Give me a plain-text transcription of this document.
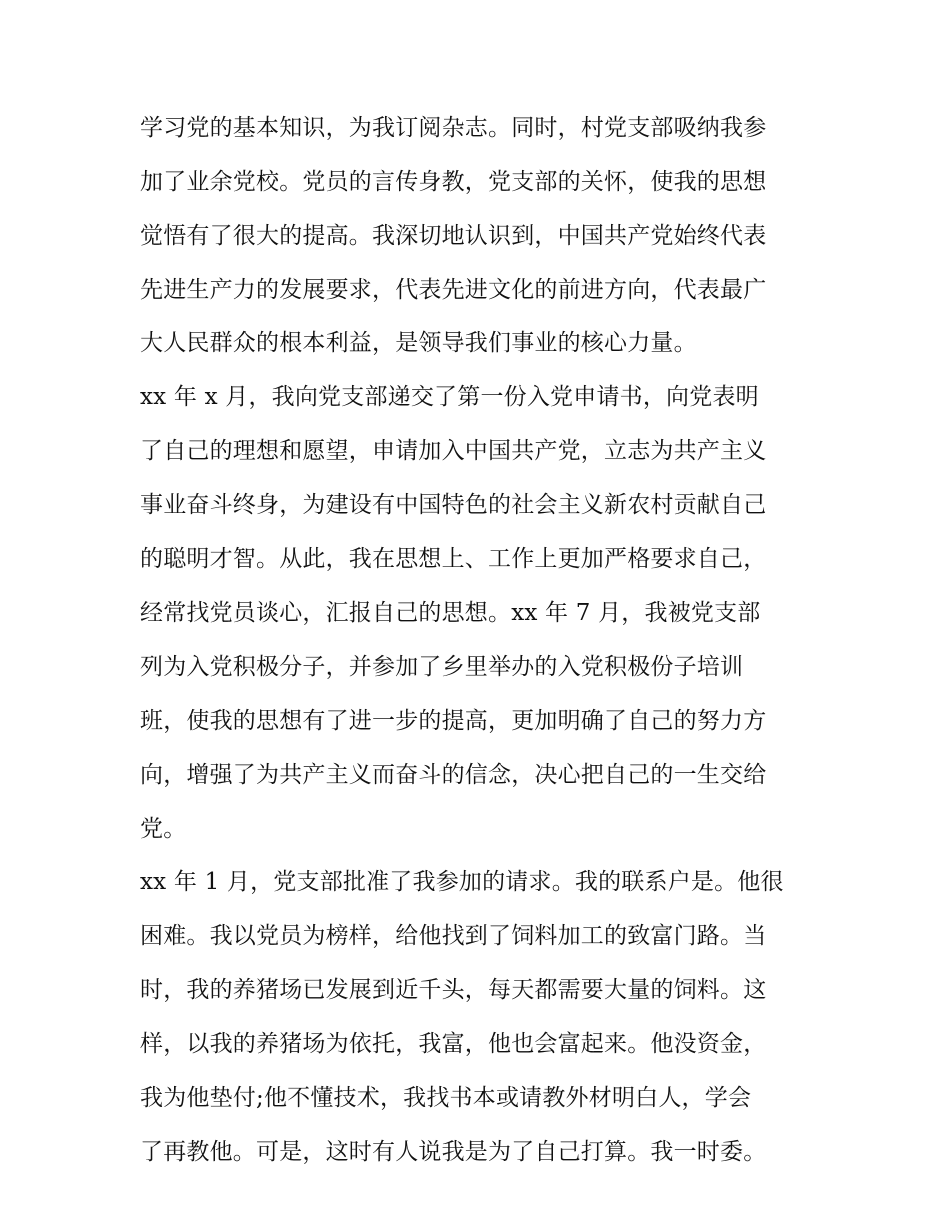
学习党的基本知识，为我订阅杂志。同时，村党支部吸纳我参
加了业余党校。党员的言传身教，党支部的关怀，使我的思想
觉悟有了很大的提高。我深切地认识到，中国共产党始终代表
先进生产力的发展要求，代表先进文化的前进方向，代表最广
大人民群众的根本利益，是领导我们事业的核心力量。
xx 年 x 月，我向党支部递交了第一份入党申请书，向党表明
了自己的理想和愿望，申请加入中国共产党，立志为共产主义
事业奋斗终身，为建设有中国特色的社会主义新农村贡献自己
的聪明才智。从此，我在思想上、工作上更加严格要求自己，
经常找党员谈心，汇报自己的思想。xx 年 7 月，我被党支部
列为入党积极分子，并参加了乡里举办的入党积极份子培训
班，使我的思想有了进一步的提高，更加明确了自己的努力方
向，增强了为共产主义而奋斗的信念，决心把自己的一生交给
党。
xx 年 1 月，党支部批准了我参加的请求。我的联系户是。他很
困难。我以党员为榜样，给他找到了饲料加工的致富门路。当
时，我的养猪场已发展到近千头，每天都需要大量的饲料。这
样，以我的养猪场为依托，我富，他也会富起来。他没资金，
我为他垫付;他不懂技术，我找书本或请教外材明白人，学会
了再教他。可是，这时有人说我是为了自己打算。我一时委。
